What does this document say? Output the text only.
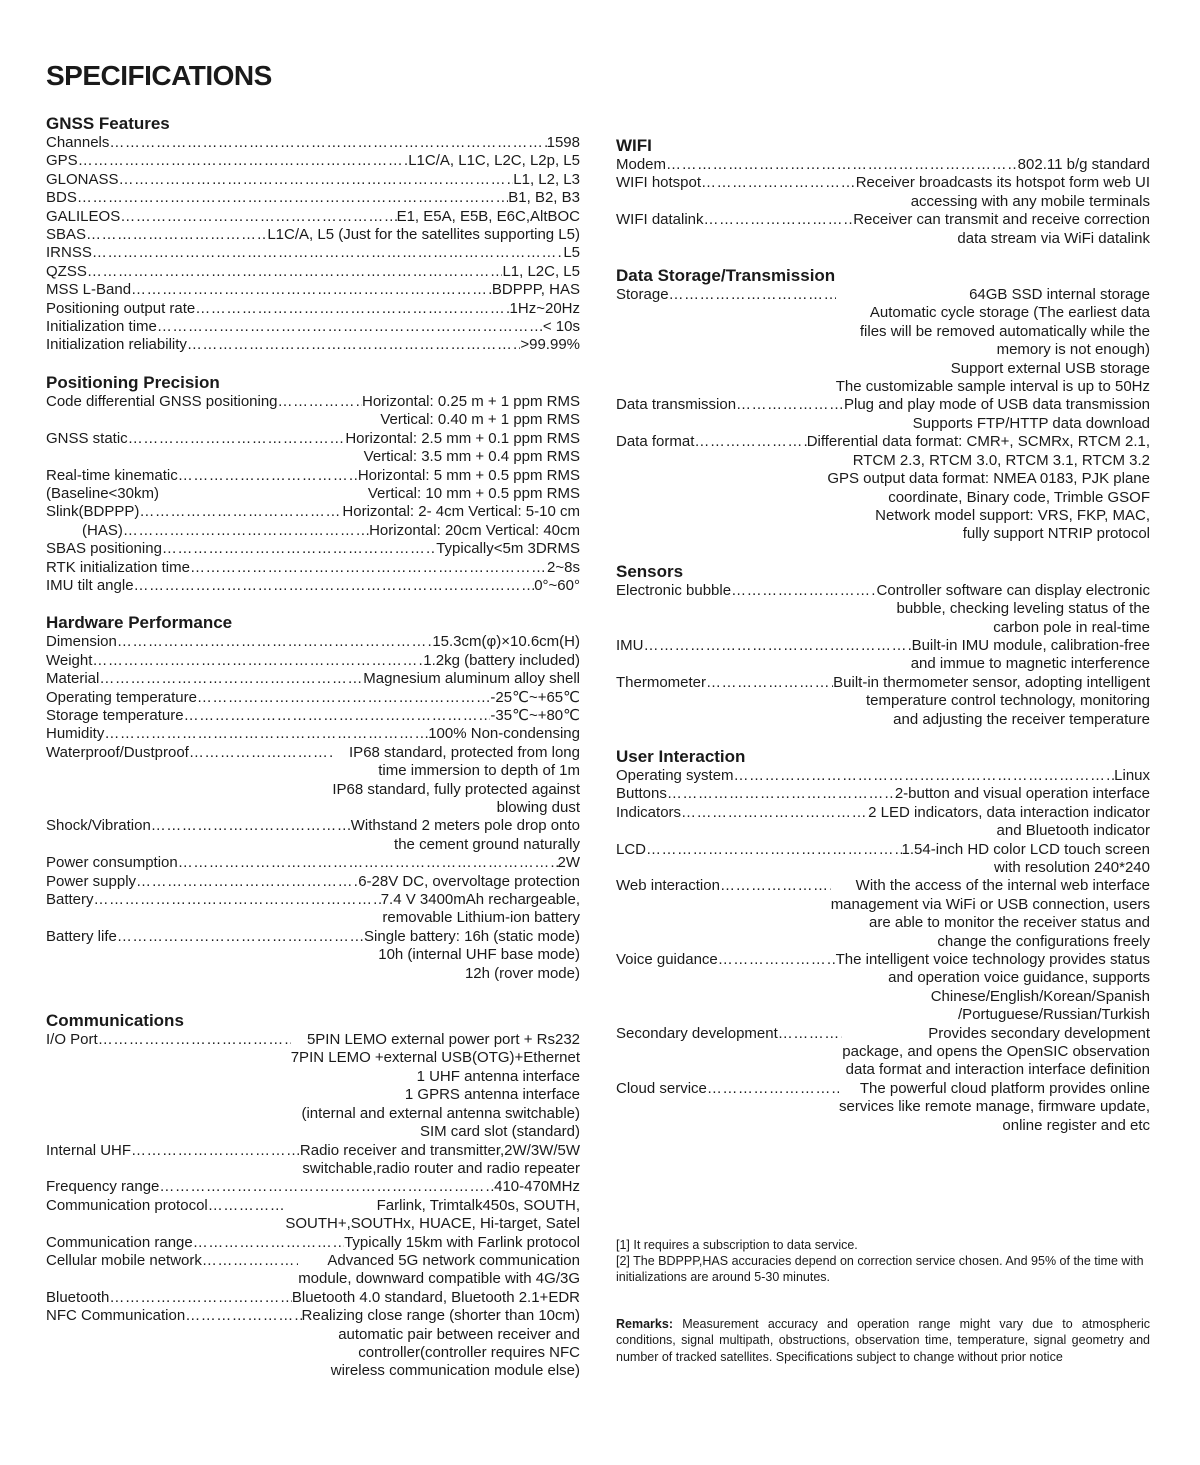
SPECIFICATIONS
GNSS Features
Channels ……………………………………………………………………………………………………………………	1598
GPS ……………………………………………………………………………………………………………………	L1C/A, L1C, L2C, L2p, L5
GLONASS ……………………………………………………………………………………………………………………	L1, L2, L3
BDS ……………………………………………………………………………………………………………………	B1, B2, B3
GALILEOS ……………………………………………………………………………………………………………………	E1, E5A, E5B, E6C,AltBOC
SBAS ……………………………………………………………………………………………………………………	L1C/A, L5 (Just for the satellites supporting L5)
IRNSS ……………………………………………………………………………………………………………………	L5
QZSS ……………………………………………………………………………………………………………………	L1, L2C, L5
MSS L-Band ……………………………………………………………………………………………………………………	BDPPP, HAS
Positioning output rate ……………………………………………………………………………………………………………………	1Hz~20Hz
Initialization time ……………………………………………………………………………………………………………………	< 10s
Initialization reliability ……………………………………………………………………………………………………………………	>99.99%
Positioning Precision
Code differential GNSS positioning ……………………………………………………………………………………………………………………	Horizontal: 0.25 m + 1 ppm RMS
Vertical: 0.40 m + 1 ppm RMS
GNSS static ……………………………………………………………………………………………………………………	Horizontal: 2.5 mm + 0.1 ppm RMS
Vertical: 3.5 mm + 0.4 ppm RMS
Real-time kinematic ……………………………………………………………………………………………………………………	Horizontal: 5 mm + 0.5 ppm RMS
(Baseline<30km)	Vertical: 10 mm + 0.5 ppm RMS
Slink(BDPPP) ……………………………………………………………………………………………………………………	Horizontal: 2- 4cm Vertical: 5-10 cm
(HAS) ……………………………………………………………………………………………………………………	Horizontal: 20cm Vertical: 40cm
SBAS positioning ……………………………………………………………………………………………………………………	Typically<5m 3DRMS
RTK initialization time ……………………………………………………………………………………………………………………	2~8s
IMU tilt angle ……………………………………………………………………………………………………………………	0°~60°
Hardware Performance
Dimension ……………………………………………………………………………………………………………………	15.3cm(φ)×10.6cm(H)
Weight ……………………………………………………………………………………………………………………	1.2kg (battery included)
Material ……………………………………………………………………………………………………………………	Magnesium aluminum alloy shell
Operating temperature ……………………………………………………………………………………………………………………	-25℃~+65℃
Storage temperature ……………………………………………………………………………………………………………………	-35℃~+80℃
Humidity ……………………………………………………………………………………………………………………	100% Non-condensing
Waterproof/Dustproof ……………………………………………………………………………………………………………………	IP68 standard, protected from long
time immersion to depth of 1m
IP68 standard, fully protected against
blowing dust
Shock/Vibration ……………………………………………………………………………………………………………………	Withstand 2 meters pole drop onto
the cement ground naturally
Power consumption ……………………………………………………………………………………………………………………	2W
Power supply ……………………………………………………………………………………………………………………	6-28V DC, overvoltage protection
Battery ……………………………………………………………………………………………………………………	7.4 V 3400mAh rechargeable,
removable Lithium-ion battery
Battery life ……………………………………………………………………………………………………………………	Single battery: 16h (static mode)
10h (internal UHF base mode)
12h (rover mode)
Communications
I/O Port ……………………………………………………………………………………………………………………	5PIN LEMO external power port + Rs232
7PIN LEMO +external USB(OTG)+Ethernet
1 UHF antenna interface
1 GPRS antenna interface
(internal and external antenna switchable)
SIM card slot (standard)
Internal UHF ……………………………………………………………………………………………………………………	Radio receiver and transmitter,2W/3W/5W
switchable,radio router and radio repeater
Frequency range ……………………………………………………………………………………………………………………	410-470MHz
Communication protocol ……………………………………………………………………………………………………………………	Farlink, Trimtalk450s, SOUTH,
SOUTH+,SOUTHx, HUACE, Hi-target, Satel
Communication range ……………………………………………………………………………………………………………………	Typically 15km with Farlink protocol
Cellular mobile network ……………………………………………………………………………………………………………………	Advanced 5G network communication
module, downward compatible with 4G/3G
Bluetooth ……………………………………………………………………………………………………………………	Bluetooth 4.0 standard, Bluetooth 2.1+EDR
NFC Communication ……………………………………………………………………………………………………………………	Realizing close range (shorter than 10cm)
automatic pair between receiver and
controller(controller requires NFC
wireless communication module else)
WIFI
Modem ……………………………………………………………………………………………………………………	802.11 b/g standard
WIFI hotspot ……………………………………………………………………………………………………………………	Receiver broadcasts its hotspot form web UI
accessing with any mobile terminals
WIFI datalink ……………………………………………………………………………………………………………………	Receiver can transmit and receive correction
data stream via WiFi datalink
Data Storage/Transmission
Storage ……………………………………………………………………………………………………………………	64GB SSD internal storage
Automatic cycle storage (The earliest data
files will be removed automatically while the
memory is not enough)
Support external USB storage
The customizable sample interval is up to 50Hz
Data transmission ……………………………………………………………………………………………………………………	Plug and play mode of USB data transmission
Supports FTP/HTTP data download
Data format ……………………………………………………………………………………………………………………	Differential data format: CMR+, SCMRx, RTCM 2.1,
RTCM 2.3, RTCM 3.0, RTCM 3.1, RTCM 3.2
GPS output data format: NMEA 0183, PJK plane
coordinate, Binary code, Trimble GSOF
Network model support: VRS, FKP, MAC,
fully support NTRIP protocol
Sensors
Electronic bubble ……………………………………………………………………………………………………………………	Controller software can display electronic
bubble, checking leveling status of the
carbon pole in real-time
IMU ……………………………………………………………………………………………………………………	Built-in IMU module, calibration-free
and immue to magnetic interference
Thermometer ……………………………………………………………………………………………………………………	Built-in thermometer sensor, adopting intelligent
temperature control technology, monitoring
and adjusting the receiver temperature
User Interaction
Operating system ……………………………………………………………………………………………………………………	Linux
Buttons ……………………………………………………………………………………………………………………	2-button and visual operation interface
Indicators ……………………………………………………………………………………………………………………	2 LED indicators, data interaction indicator
and Bluetooth indicator
LCD ……………………………………………………………………………………………………………………	1.54-inch HD color LCD touch screen
with resolution 240*240
Web interaction ……………………………………………………………………………………………………………………	With the access of the internal web interface
management via WiFi or USB connection, users
are able to monitor the receiver status and
change the configurations freely
Voice guidance ……………………………………………………………………………………………………………………	The intelligent voice technology provides status
and operation voice guidance, supports
Chinese/English/Korean/Spanish
/Portuguese/Russian/Turkish
Secondary development ……………………………………………………………………………………………………………………	Provides secondary development
package, and opens the OpenSIC observation
data format and interaction interface definition
Cloud service ……………………………………………………………………………………………………………………	The powerful cloud platform provides online
services like remote manage, firmware update,
online register and etc

[1] It requires a subscription to data service.

[2] The BDPPP,HAS accuracies depend on correction service chosen. And 95% of the time with initializations are around 5-30 minutes.

Remarks: Measurement accuracy and operation range might vary due to atmospheric conditions, signal multipath, obstructions, observation time, temperature, signal geometry and number of tracked satellites. Specifications subject to change without prior notice
